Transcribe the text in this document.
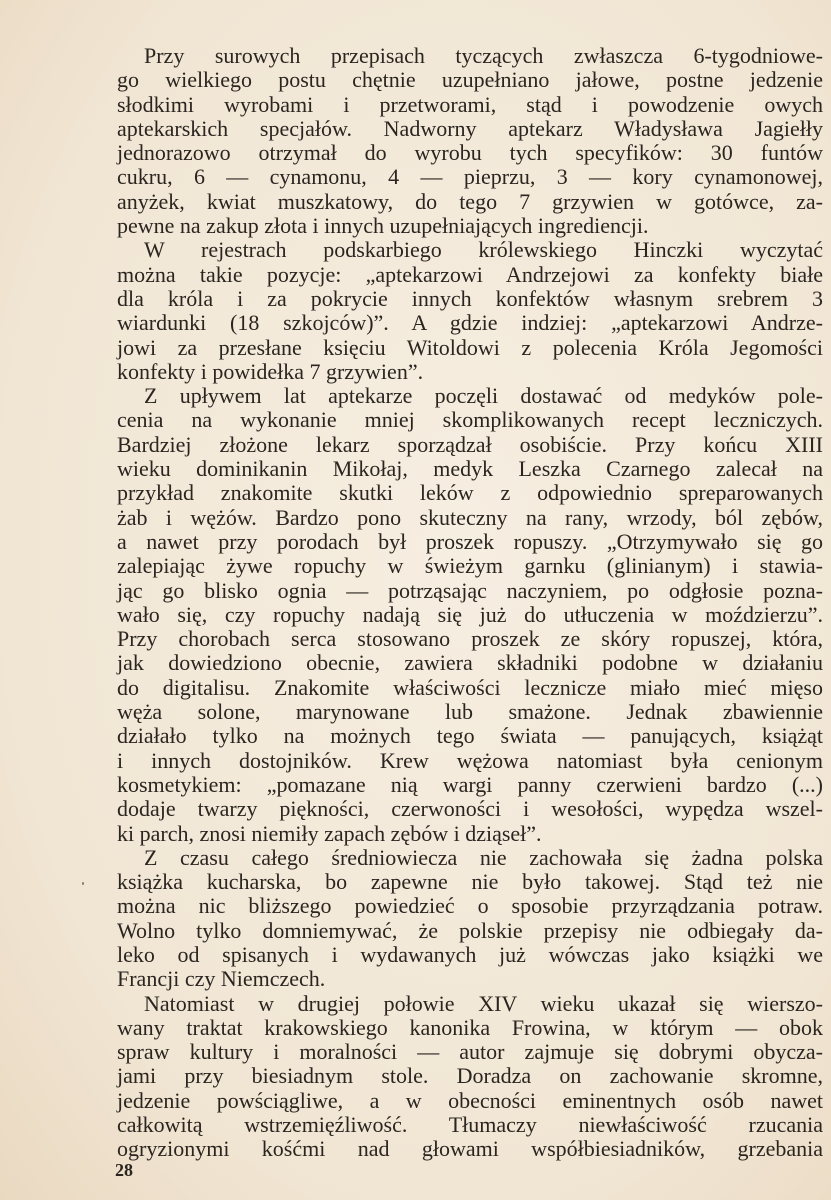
Przy surowych przepisach tyczących zwłaszcza 6-tygodniowe-
go wielkiego postu chętnie uzupełniano jałowe, postne jedzenie
słodkimi wyrobami i przetworami, stąd i powodzenie owych
aptekarskich specjałów. Nadworny aptekarz Władysława Jagiełły
jednorazowo otrzymał do wyrobu tych specyfików: 30 funtów
cukru, 6 — cynamonu, 4 — pieprzu, 3 — kory cynamonowej,
anyżek, kwiat muszkatowy, do tego 7 grzywien w gotówce, za-
pewne na zakup złota i innych uzupełniających ingrediencji.
W rejestrach podskarbiego królewskiego Hinczki wyczytać
można takie pozycje: „aptekarzowi Andrzejowi za konfekty białe
dla króla i za pokrycie innych konfektów własnym srebrem 3
wiardunki (18 szkojców)”. A gdzie indziej: „aptekarzowi Andrze-
jowi za przesłane księciu Witoldowi z polecenia Króla Jegomości
konfekty i powidełka 7 grzywien”.
Z upływem lat aptekarze poczęli dostawać od medyków pole-
cenia na wykonanie mniej skomplikowanych recept leczniczych.
Bardziej złożone lekarz sporządzał osobiście. Przy końcu XIII
wieku dominikanin Mikołaj, medyk Leszka Czarnego zalecał na
przykład znakomite skutki leków z odpowiednio spreparowanych
żab i wężów. Bardzo pono skuteczny na rany, wrzody, ból zębów,
a nawet przy porodach był proszek ropuszy. „Otrzymywało się go
zalepiając żywe ropuchy w świeżym garnku (glinianym) i stawia-
jąc go blisko ognia — potrząsając naczyniem, po odgłosie pozna-
wało się, czy ropuchy nadają się już do utłuczenia w moździerzu”.
Przy chorobach serca stosowano proszek ze skóry ropuszej, która,
jak dowiedziono obecnie, zawiera składniki podobne w działaniu
do digitalisu. Znakomite właściwości lecznicze miało mieć mięso
węża solone, marynowane lub smażone. Jednak zbawiennie
działało tylko na możnych tego świata — panujących, książąt
i innych dostojników. Krew wężowa natomiast była cenionym
kosmetykiem: „pomazane nią wargi panny czerwieni bardzo (...)
dodaje twarzy piękności, czerwoności i wesołości, wypędza wszel-
ki parch, znosi niemiły zapach zębów i dziąseł”.
Z czasu całego średniowiecza nie zachowała się żadna polska
książka kucharska, bo zapewne nie było takowej. Stąd też nie
można nic bliższego powiedzieć o sposobie przyrządzania potraw.
Wolno tylko domniemywać, że polskie przepisy nie odbiegały da-
leko od spisanych i wydawanych już wówczas jako książki we
Francji czy Niemczech.
Natomiast w drugiej połowie XIV wieku ukazał się wierszo-
wany traktat krakowskiego kanonika Frowina, w którym — obok
spraw kultury i moralności — autor zajmuje się dobrymi obycza-
jami przy biesiadnym stole. Doradza on zachowanie skromne,
jedzenie powściągliwe, a w obecności eminentnych osób nawet
całkowitą wstrzemięźliwość. Tłumaczy niewłaściwość rzucania
ogryzionymi kośćmi nad głowami współbiesiadników, grzebania
28
